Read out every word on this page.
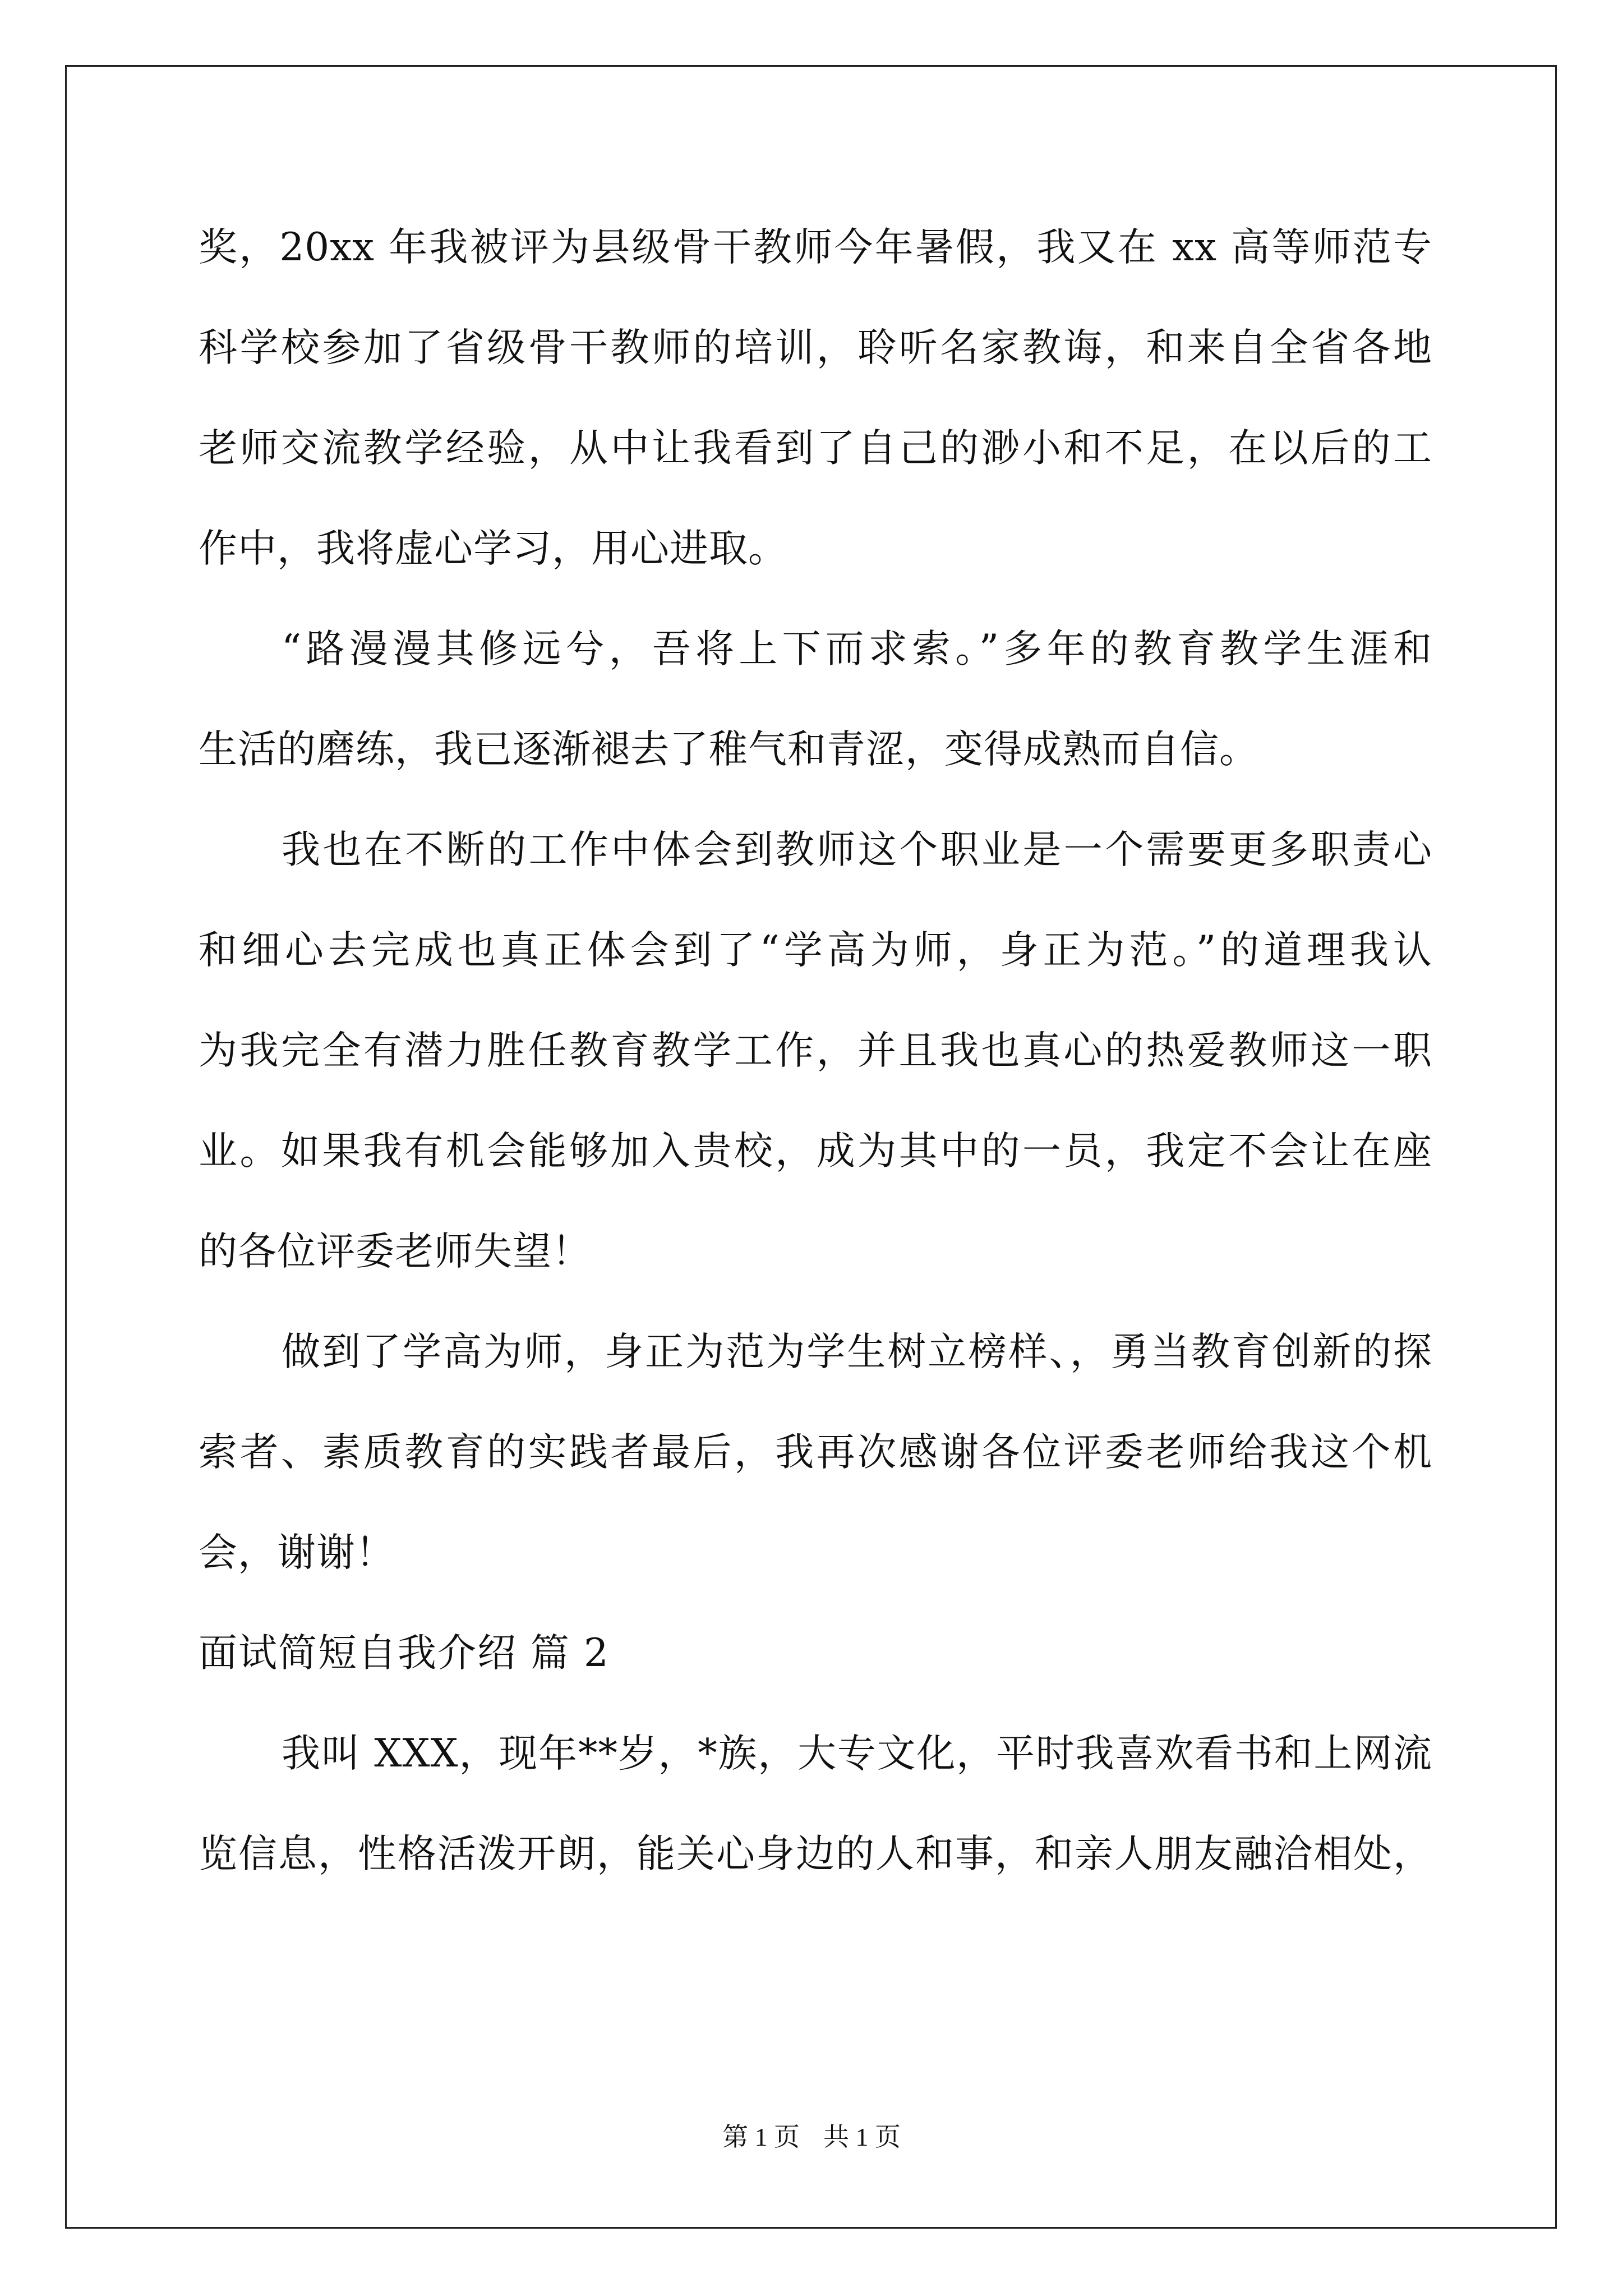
奖，20xx 年我被评为县级骨干教师今年暑假，我又在 xx 高等师范专
科学校参加了省级骨干教师的培训，聆听名家教诲，和来自全省各地
老师交流教学经验，从中让我看到了自己的渺小和不足，在以后的工
作中，我将虚心学习，用心进取。
“路漫漫其修远兮，吾将上下而求索。”多年的教育教学生涯和
生活的磨练，我已逐渐褪去了稚气和青涩，变得成熟而自信。
我也在不断的工作中体会到教师这个职业是一个需要更多职责心
和细心去完成也真正体会到了“学高为师，身正为范。”的道理我认
为我完全有潜力胜任教育教学工作，并且我也真心的热爱教师这一职
业。如果我有机会能够加入贵校，成为其中的一员，我定不会让在座
的各位评委老师失望！
做到了学高为师，身正为范为学生树立榜样、，勇当教育创新的探
索者、素质教育的实践者最后，我再次感谢各位评委老师给我这个机
会，谢谢！
面试简短自我介绍 篇 2
我叫 XXX，现年**岁，*族，大专文化，平时我喜欢看书和上网流
览信息，性格活泼开朗，能关心身边的人和事，和亲人朋友融洽相处，
第 1 页 共 1 页
